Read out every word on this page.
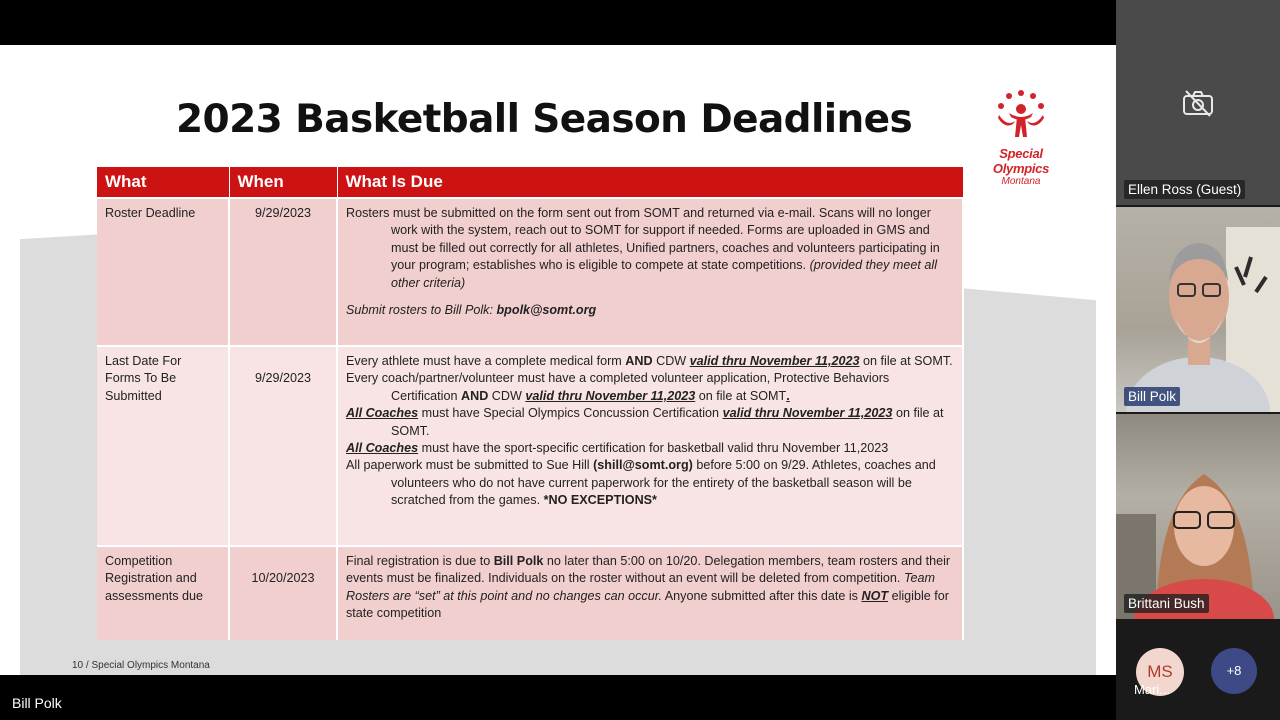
2023 Basketball Season Deadlines
Special
Olympics
Montana
What	When	What Is Due
Roster Deadline	9/29/2023	Rosters must be submitted on the form sent out from SOMT and returned via e-mail. Scans will no longer work with the system, reach out to SOMT for support if needed. Forms are uploaded in GMS and must be filled out correctly for all athletes, Unified partners, coaches and volunteers participating in your program; establishes who is eligible to compete at state competitions. (provided they meet all other criteria)

Submit rosters to Bill Polk: bpolk@somt.org

Last Date For Forms To Be Submitted	9/29/2023	Every athlete must have a complete medical form AND CDW valid thru November 11,2023 on file at SOMT.

Every coach/partner/volunteer must have a completed volunteer application, Protective Behaviors Certification AND CDW valid thru November 11,2023 on file at SOMT.

All Coaches must have Special Olympics Concussion Certification valid thru November 11,2023 on file at SOMT.

All Coaches must have the sport-specific certification for basketball valid thru November 11,2023

All paperwork must be submitted to Sue Hill (shill@somt.org) before 5:00 on 9/29. Athletes, coaches and volunteers who do not have current paperwork for the entirety of the basketball season will be scratched from the games. *NO EXCEPTIONS*

Competition Registration and assessments due	10/20/2023	Final registration is due to Bill Polk no later than 5:00 on 10/20. Delegation members, team rosters and their events must be finalized. Individuals on the roster without an event will be deleted from competition. Team Rosters are “set” at this point and no changes can occur. Anyone submitted after this date is NOT eligible for state competition

10 / Special Olympics Montana
Ellen Ross (Guest)
Bill Polk
Brittani Bush
MS
Mari...
+8
Bill Polk
